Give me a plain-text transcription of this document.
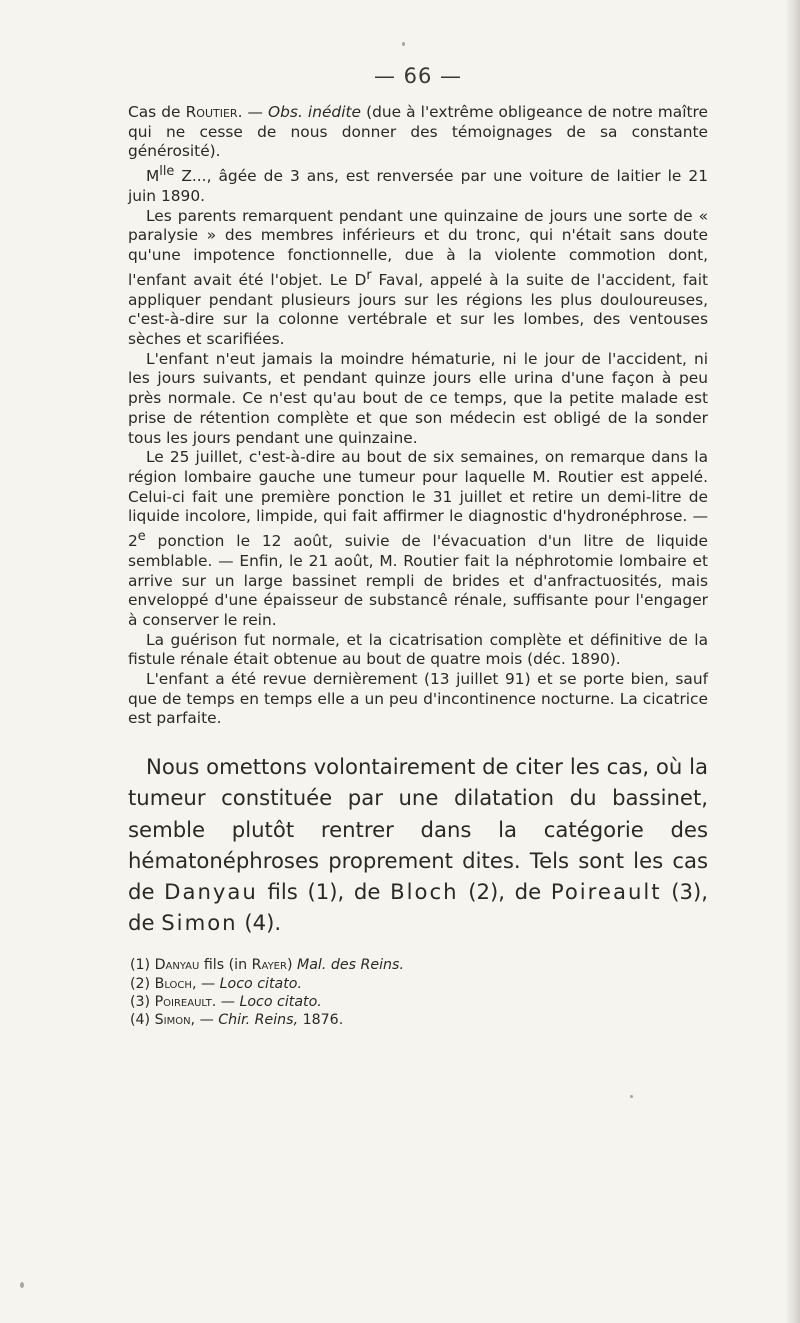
— 66 —

Cas de Routier. — Obs. inédite (due à l'extrême obligeance de notre maître qui ne cesse de nous donner des témoignages de sa constante générosité).

$M^{lle}$ Z..., âgée de 3 ans, est renversée par une voiture de laitier le 21 juin 1890.

Les parents remarquent pendant une quinzaine de jours une sorte de « paralysie » des membres inférieurs et du tronc, qui n'était sans doute qu'une impotence fonctionnelle, due à la violente commotion dont, l'enfant avait été l'objet. Le $D^r$ Faval, appelé à la suite de l'accident, fait appliquer pendant plusieurs jours sur les régions les plus douloureuses, c'est-à-dire sur la colonne vertébrale et sur les lombes, des ventouses sèches et scarifiées.

L'enfant n'eut jamais la moindre hématurie, ni le jour de l'accident, ni les jours suivants, et pendant quinze jours elle urina d'une façon à peu près normale. Ce n'est qu'au bout de ce temps, que la petite malade est prise de rétention complète et que son médecin est obligé de la sonder tous les jours pendant une quinzaine.

Le 25 juillet, c'est-à-dire au bout de six semaines, on remarque dans la région lombaire gauche une tumeur pour laquelle M. Routier est appelé. Celui-ci fait une première ponction le 31 juillet et retire un demi-litre de liquide incolore, limpide, qui fait affirmer le diagnostic d'hydronéphrose. — 2e ponction le 12 août, suivie de l'évacuation d'un litre de liquide semblable. — Enfin, le 21 août, M. Routier fait la néphrotomie lombaire et arrive sur un large bassinet rempli de brides et d'anfractuosités, mais enveloppé d'une épaisseur de substancê rénale, suffisante pour l'engager à conserver le rein.

La guérison fut normale, et la cicatrisation complète et définitive de la fistule rénale était obtenue au bout de quatre mois (déc. 1890).

L'enfant a été revue dernièrement (13 juillet 91) et se porte bien, sauf que de temps en temps elle a un peu d'incontinence nocturne. La cicatrice est parfaite.

Nous omettons volontairement de citer les cas, où la tumeur constituée par une dilatation du bassinet, semble plutôt rentrer dans la catégorie des hématonéphroses proprement dites. Tels sont les cas de Danyau fils (1), de Bloch (2), de Poireault (3), de Simon (4).

(1) Danyau fils (in Rayer) Mal. des Reins.
(2) Bloch, — Loco citato.
(3) Poireault. — Loco citato.
(4) Simon, — Chir. Reins, 1876.
